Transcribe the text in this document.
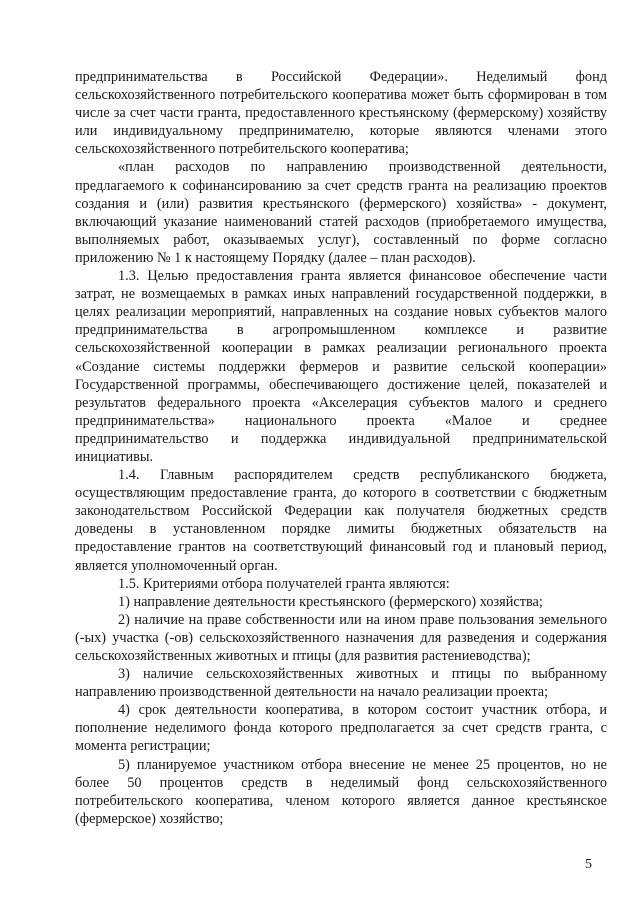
предпринимательства в Российской Федерации». Неделимый фонд сельскохозяйственного потребительского кооператива может быть сформирован в том числе за счет части гранта, предоставленного крестьянскому (фермерскому) хозяйству или индивидуальному предпринимателю, которые являются членами этого сельскохозяйственного потребительского кооператива;

«план расходов по направлению производственной деятельности, предлагаемого к софинансированию за счет средств гранта на реализацию проектов создания и (или) развития крестьянского (фермерского) хозяйства» - документ, включающий указание наименований статей расходов (приобретаемого имущества, выполняемых работ, оказываемых услуг), составленный по форме согласно приложению № 1 к настоящему Порядку (далее – план расходов).

1.3. Целью предоставления гранта является финансовое обеспечение части затрат, не возмещаемых в рамках иных направлений государственной поддержки, в целях реализации мероприятий, направленных на создание новых субъектов малого предпринимательства в агропромышленном комплексе и развитие сельскохозяйственной кооперации в рамках реализации регионального проекта «Создание системы поддержки фермеров и развитие сельской кооперации» Государственной программы, обеспечивающего достижение целей, показателей и результатов федерального проекта «Акселерация субъектов малого и среднего предпринимательства» национального проекта «Малое и среднее предпринимательство и поддержка индивидуальной предпринимательской инициативы.

1.4. Главным распорядителем средств республиканского бюджета, осуществляющим предоставление гранта, до которого в соответствии с бюджетным законодательством Российской Федерации как получателя бюджетных средств доведены в установленном порядке лимиты бюджетных обязательств на предоставление грантов на соответствующий финансовый год и плановый период, является уполномоченный орган.

1.5. Критериями отбора получателей гранта являются:

1) направление деятельности крестьянского (фермерского) хозяйства;

2) наличие на праве собственности или на ином праве пользования земельного (-ых) участка (-ов) сельскохозяйственного назначения для разведения и содержания сельскохозяйственных животных и птицы (для развития растениеводства);

3) наличие сельскохозяйственных животных и птицы по выбранному направлению производственной деятельности на начало реализации проекта;

4) срок деятельности кооператива, в котором состоит участник отбора, и пополнение неделимого фонда которого предполагается за счет средств гранта, с момента регистрации;

5) планируемое участником отбора внесение не менее 25 процентов, но не более 50 процентов средств в неделимый фонд сельскохозяйственного потребительского кооператива, членом которого является данное крестьянское (фермерское) хозяйство;

5
